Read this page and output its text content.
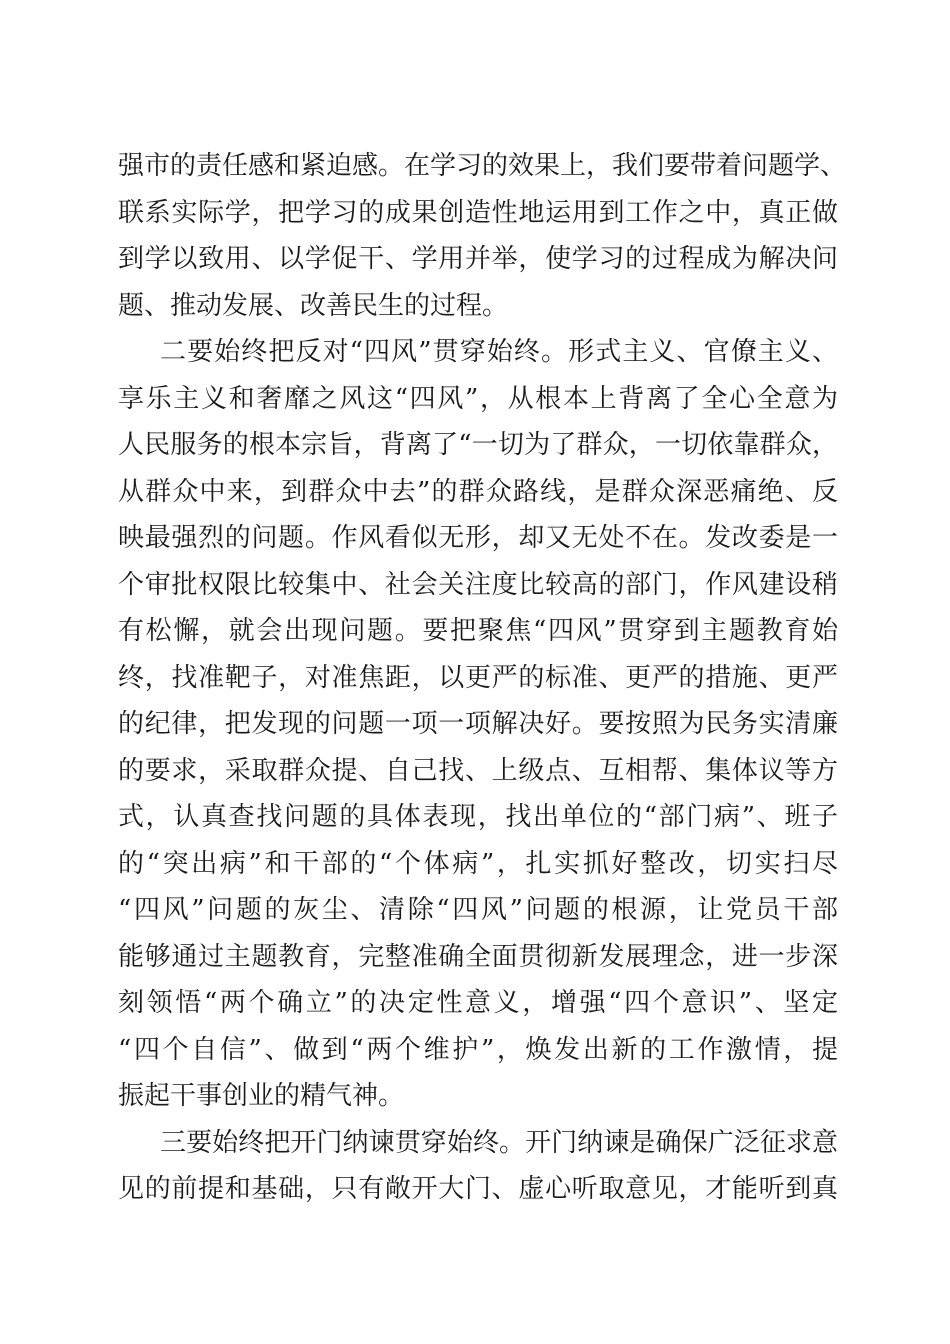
强市的责任感和紧迫感。在学习的效果上，我们要带着问题学、
联系实际学，把学习的成果创造性地运用到工作之中，真正做
到学以致用、以学促干、学用并举，使学习的过程成为解决问
题、推动发展、改善民生的过程。
二要始终把反对“四风”贯穿始终。形式主义、官僚主义、
享乐主义和奢靡之风这“四风”，从根本上背离了全心全意为
人民服务的根本宗旨，背离了“一切为了群众，一切依靠群众，
从群众中来，到群众中去”的群众路线，是群众深恶痛绝、反
映最强烈的问题。作风看似无形，却又无处不在。发改委是一
个审批权限比较集中、社会关注度比较高的部门，作风建设稍
有松懈，就会出现问题。要把聚焦“四风”贯穿到主题教育始
终，找准靶子，对准焦距，以更严的标准、更严的措施、更严
的纪律，把发现的问题一项一项解决好。要按照为民务实清廉
的要求，采取群众提、自己找、上级点、互相帮、集体议等方
式，认真查找问题的具体表现，找出单位的“部门病”、班子
的“突出病”和干部的“个体病”，扎实抓好整改，切实扫尽
“四风”问题的灰尘、清除“四风”问题的根源，让党员干部
能够通过主题教育，完整准确全面贯彻新发展理念，进一步深
刻领悟“两个确立”的决定性意义，增强“四个意识”、坚定
“四个自信”、做到“两个维护”，焕发出新的工作激情，提
振起干事创业的精气神。
三要始终把开门纳谏贯穿始终。开门纳谏是确保广泛征求意
见的前提和基础，只有敞开大门、虚心听取意见，才能听到真
